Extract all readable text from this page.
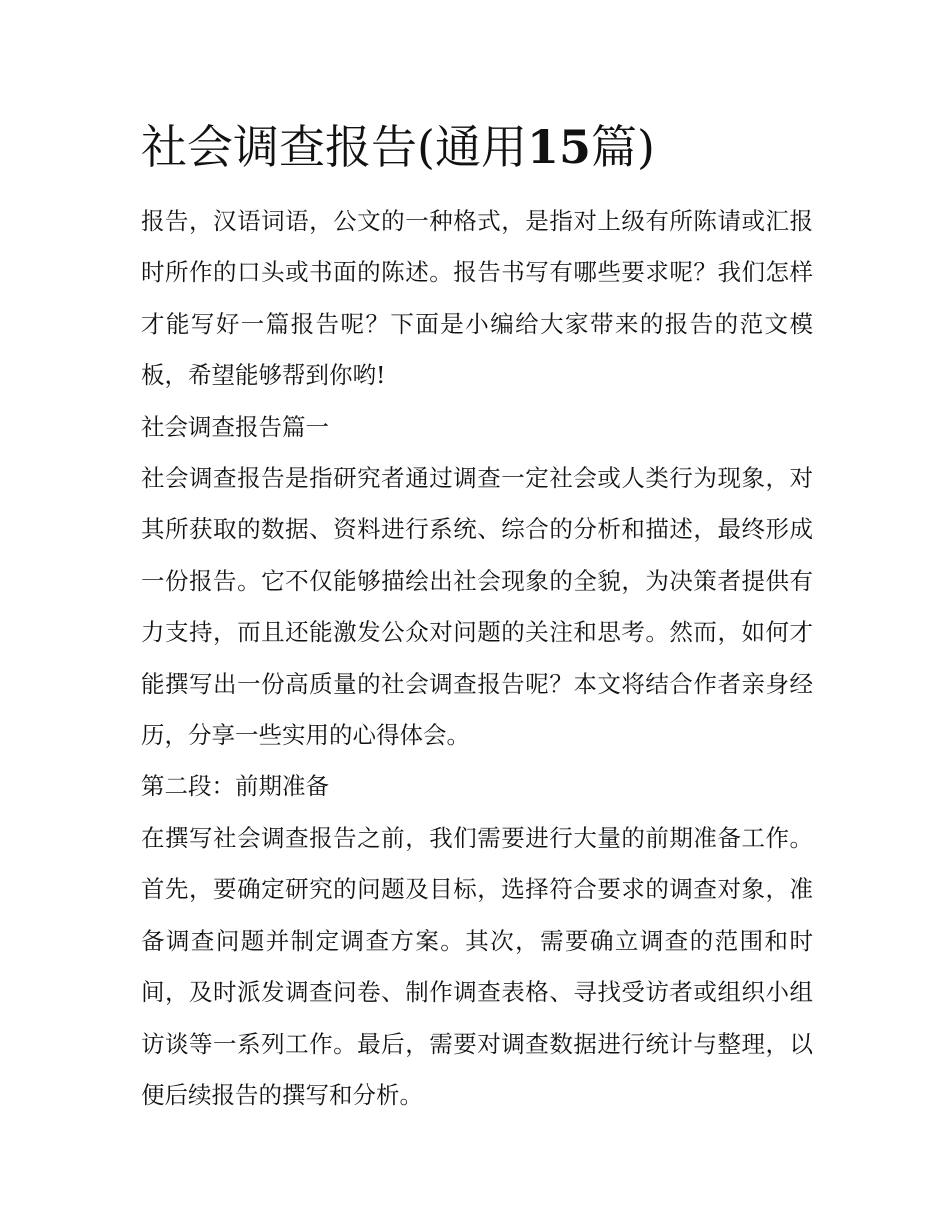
社会调查报告(通用15篇)

报告，汉语词语，公文的一种格式，是指对上级有所陈请或汇报时所作的口头或书面的陈述。报告书写有哪些要求呢？我们怎样才能写好一篇报告呢？下面是小编给大家带来的报告的范文模板，希望能够帮到你哟!

社会调查报告篇一

社会调查报告是指研究者通过调查一定社会或人类行为现象，对其所获取的数据、资料进行系统、综合的分析和描述，最终形成一份报告。它不仅能够描绘出社会现象的全貌，为决策者提供有力支持，而且还能激发公众对问题的关注和思考。然而，如何才能撰写出一份高质量的社会调查报告呢？本文将结合作者亲身经历，分享一些实用的心得体会。

第二段：前期准备

在撰写社会调查报告之前，我们需要进行大量的前期准备工作。首先，要确定研究的问题及目标，选择符合要求的调查对象，准备调查问题并制定调查方案。其次，需要确立调查的范围和时间，及时派发调查问卷、制作调查表格、寻找受访者或组织小组访谈等一系列工作。最后，需要对调查数据进行统计与整理，以便后续报告的撰写和分析。
